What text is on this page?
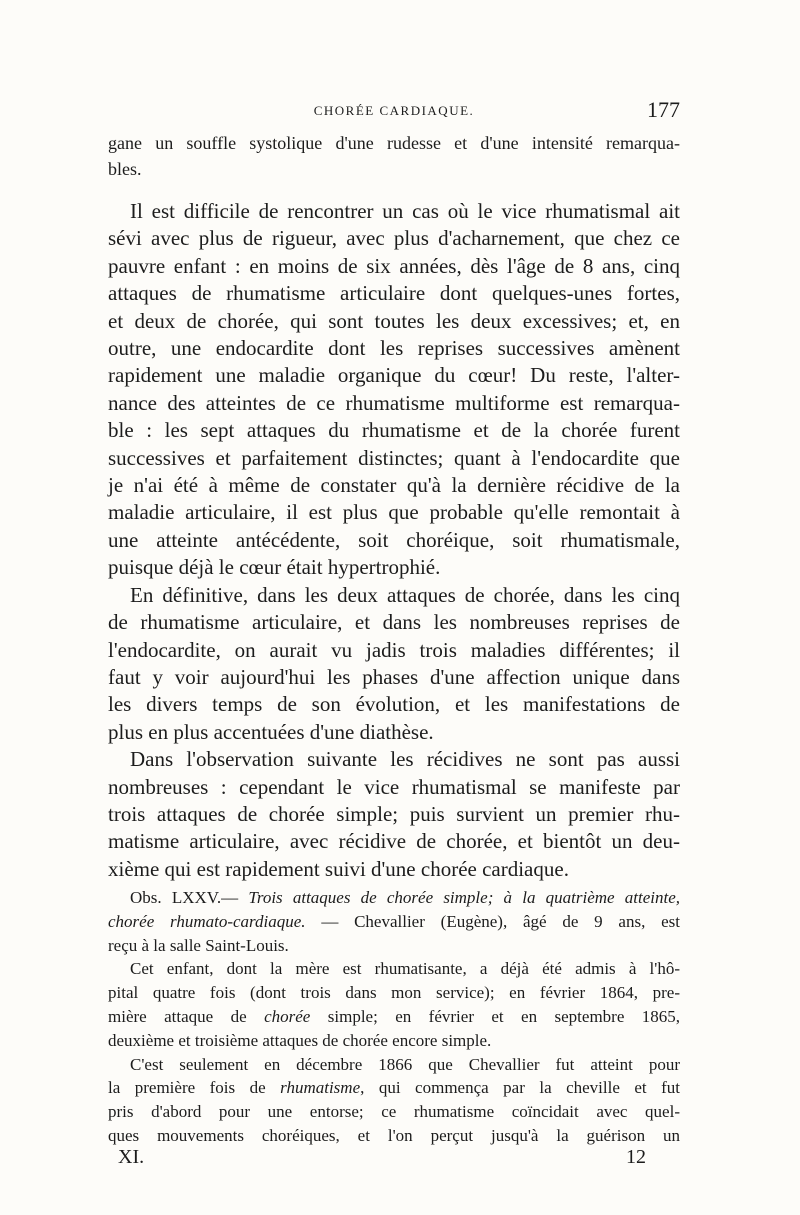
CHORÉE CARDIAQUE.	177
gane un souffle systolique d'une rudesse et d'une intensité remarqua-
bles.
Il est difficile de rencontrer un cas où le vice rhumatismal ait
sévi avec plus de rigueur, avec plus d'acharnement, que chez ce
pauvre enfant : en moins de six années, dès l'âge de 8 ans, cinq
attaques de rhumatisme articulaire dont quelques-unes fortes,
et deux de chorée, qui sont toutes les deux excessives; et, en
outre, une endocardite dont les reprises successives amènent
rapidement une maladie organique du cœur! Du reste, l'alter-
nance des atteintes de ce rhumatisme multiforme est remarqua-
ble : les sept attaques du rhumatisme et de la chorée furent
successives et parfaitement distinctes; quant à l'endocardite que
je n'ai été à même de constater qu'à la dernière récidive de la
maladie articulaire, il est plus que probable qu'elle remontait à
une atteinte antécédente, soit choréique, soit rhumatismale,
puisque déjà le cœur était hypertrophié.
En définitive, dans les deux attaques de chorée, dans les cinq
de rhumatisme articulaire, et dans les nombreuses reprises de
l'endocardite, on aurait vu jadis trois maladies différentes; il
faut y voir aujourd'hui les phases d'une affection unique dans
les divers temps de son évolution, et les manifestations de
plus en plus accentuées d'une diathèse.
Dans l'observation suivante les récidives ne sont pas aussi
nombreuses : cependant le vice rhumatismal se manifeste par
trois attaques de chorée simple; puis survient un premier rhu-
matisme articulaire, avec récidive de chorée, et bientôt un deu-
xième qui est rapidement suivi d'une chorée cardiaque.
Obs. LXXV.— Trois attaques de chorée simple; à la quatrième atteinte,
chorée rhumato-cardiaque. — Chevallier (Eugène), âgé de 9 ans, est
reçu à la salle Saint-Louis.
Cet enfant, dont la mère est rhumatisante, a déjà été admis à l'hô-
pital quatre fois (dont trois dans mon service); en février 1864, pre-
mière attaque de chorée simple; en février et en septembre 1865,
deuxième et troisième attaques de chorée encore simple.
C'est seulement en décembre 1866 que Chevallier fut atteint pour
la première fois de rhumatisme, qui commença par la cheville et fut
pris d'abord pour une entorse; ce rhumatisme coïncidait avec quel-
ques mouvements choréiques, et l'on perçut jusqu'à la guérison un
XI.	12
